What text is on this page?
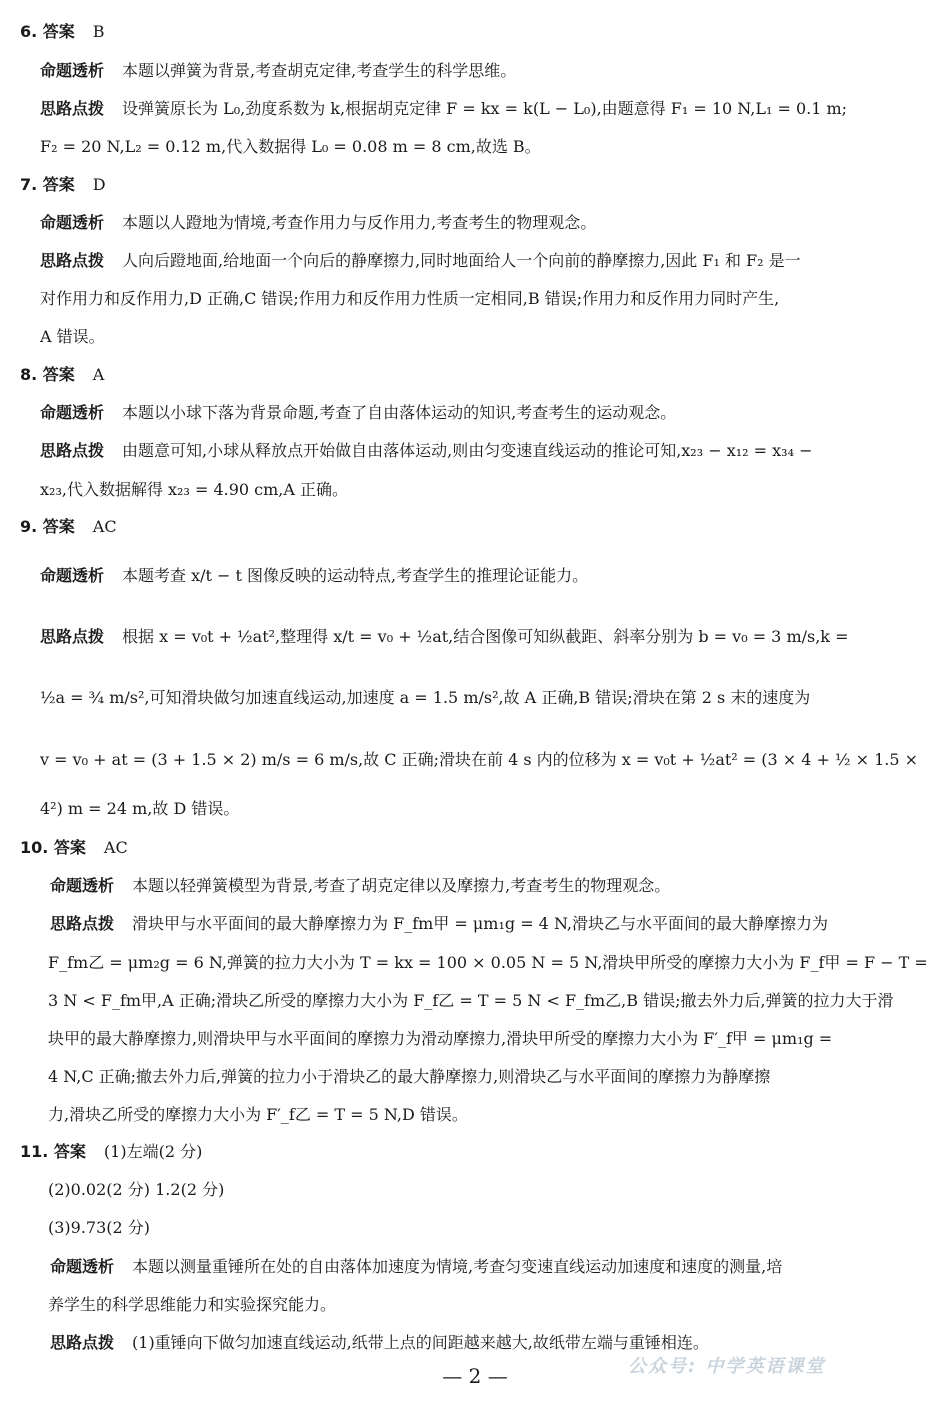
6. 答案 B
命题透析 本题以弹簧为背景,考查胡克定律,考查学生的科学思维。
思路点拨 设弹簧原长为 L₀,劲度系数为 k,根据胡克定律 F = kx = k(L − L₀),由题意得 F₁ = 10 N,L₁ = 0.1 m;
F₂ = 20 N,L₂ = 0.12 m,代入数据得 L₀ = 0.08 m = 8 cm,故选 B。
7. 答案 D
命题透析 本题以人蹬地为情境,考查作用力与反作用力,考查考生的物理观念。
思路点拨 人向后蹬地面,给地面一个向后的静摩擦力,同时地面给人一个向前的静摩擦力,因此 F₁ 和 F₂ 是一
对作用力和反作用力,D 正确,C 错误;作用力和反作用力性质一定相同,B 错误;作用力和反作用力同时产生,
A 错误。
8. 答案 A
命题透析 本题以小球下落为背景命题,考查了自由落体运动的知识,考查考生的运动观念。
思路点拨 由题意可知,小球从释放点开始做自由落体运动,则由匀变速直线运动的推论可知,x₂₃ − x₁₂ = x₃₄ −
x₂₃,代入数据解得 x₂₃ = 4.90 cm,A 正确。
9. 答案 AC
命题透析 本题考查 x/t − t 图像反映的运动特点,考查学生的推理论证能力。
思路点拨 根据 x = v₀t + ½at²,整理得 x/t = v₀ + ½at,结合图像可知纵截距、斜率分别为 b = v₀ = 3 m/s,k =
½a = ¾ m/s²,可知滑块做匀加速直线运动,加速度 a = 1.5 m/s²,故 A 正确,B 错误;滑块在第 2 s 末的速度为
v = v₀ + at = (3 + 1.5 × 2) m/s = 6 m/s,故 C 正确;滑块在前 4 s 内的位移为 x = v₀t + ½at² = (3 × 4 + ½ × 1.5 ×
4²) m = 24 m,故 D 错误。
10. 答案 AC
命题透析 本题以轻弹簧模型为背景,考查了胡克定律以及摩擦力,考查考生的物理观念。
思路点拨 滑块甲与水平面间的最大静摩擦力为 F_fm甲 = μm₁g = 4 N,滑块乙与水平面间的最大静摩擦力为
F_fm乙 = μm₂g = 6 N,弹簧的拉力大小为 T = kx = 100 × 0.05 N = 5 N,滑块甲所受的摩擦力大小为 F_f甲 = F − T =
3 N < F_fm甲,A 正确;滑块乙所受的摩擦力大小为 F_f乙 = T = 5 N < F_fm乙,B 错误;撤去外力后,弹簧的拉力大于滑
块甲的最大静摩擦力,则滑块甲与水平面间的摩擦力为滑动摩擦力,滑块甲所受的摩擦力大小为 F′_f甲 = μm₁g =
4 N,C 正确;撤去外力后,弹簧的拉力小于滑块乙的最大静摩擦力,则滑块乙与水平面间的摩擦力为静摩擦
力,滑块乙所受的摩擦力大小为 F′_f乙 = T = 5 N,D 错误。
11. 答案 (1)左端(2 分)
(2)0.02(2 分) 1.2(2 分)
(3)9.73(2 分)
命题透析 本题以测量重锤所在处的自由落体加速度为情境,考查匀变速直线运动加速度和速度的测量,培
养学生的科学思维能力和实验探究能力。
思路点拨 (1)重锤向下做匀加速直线运动,纸带上点的间距越来越大,故纸带左端与重锤相连。
— 2 —	公众号: 中学英语课堂
